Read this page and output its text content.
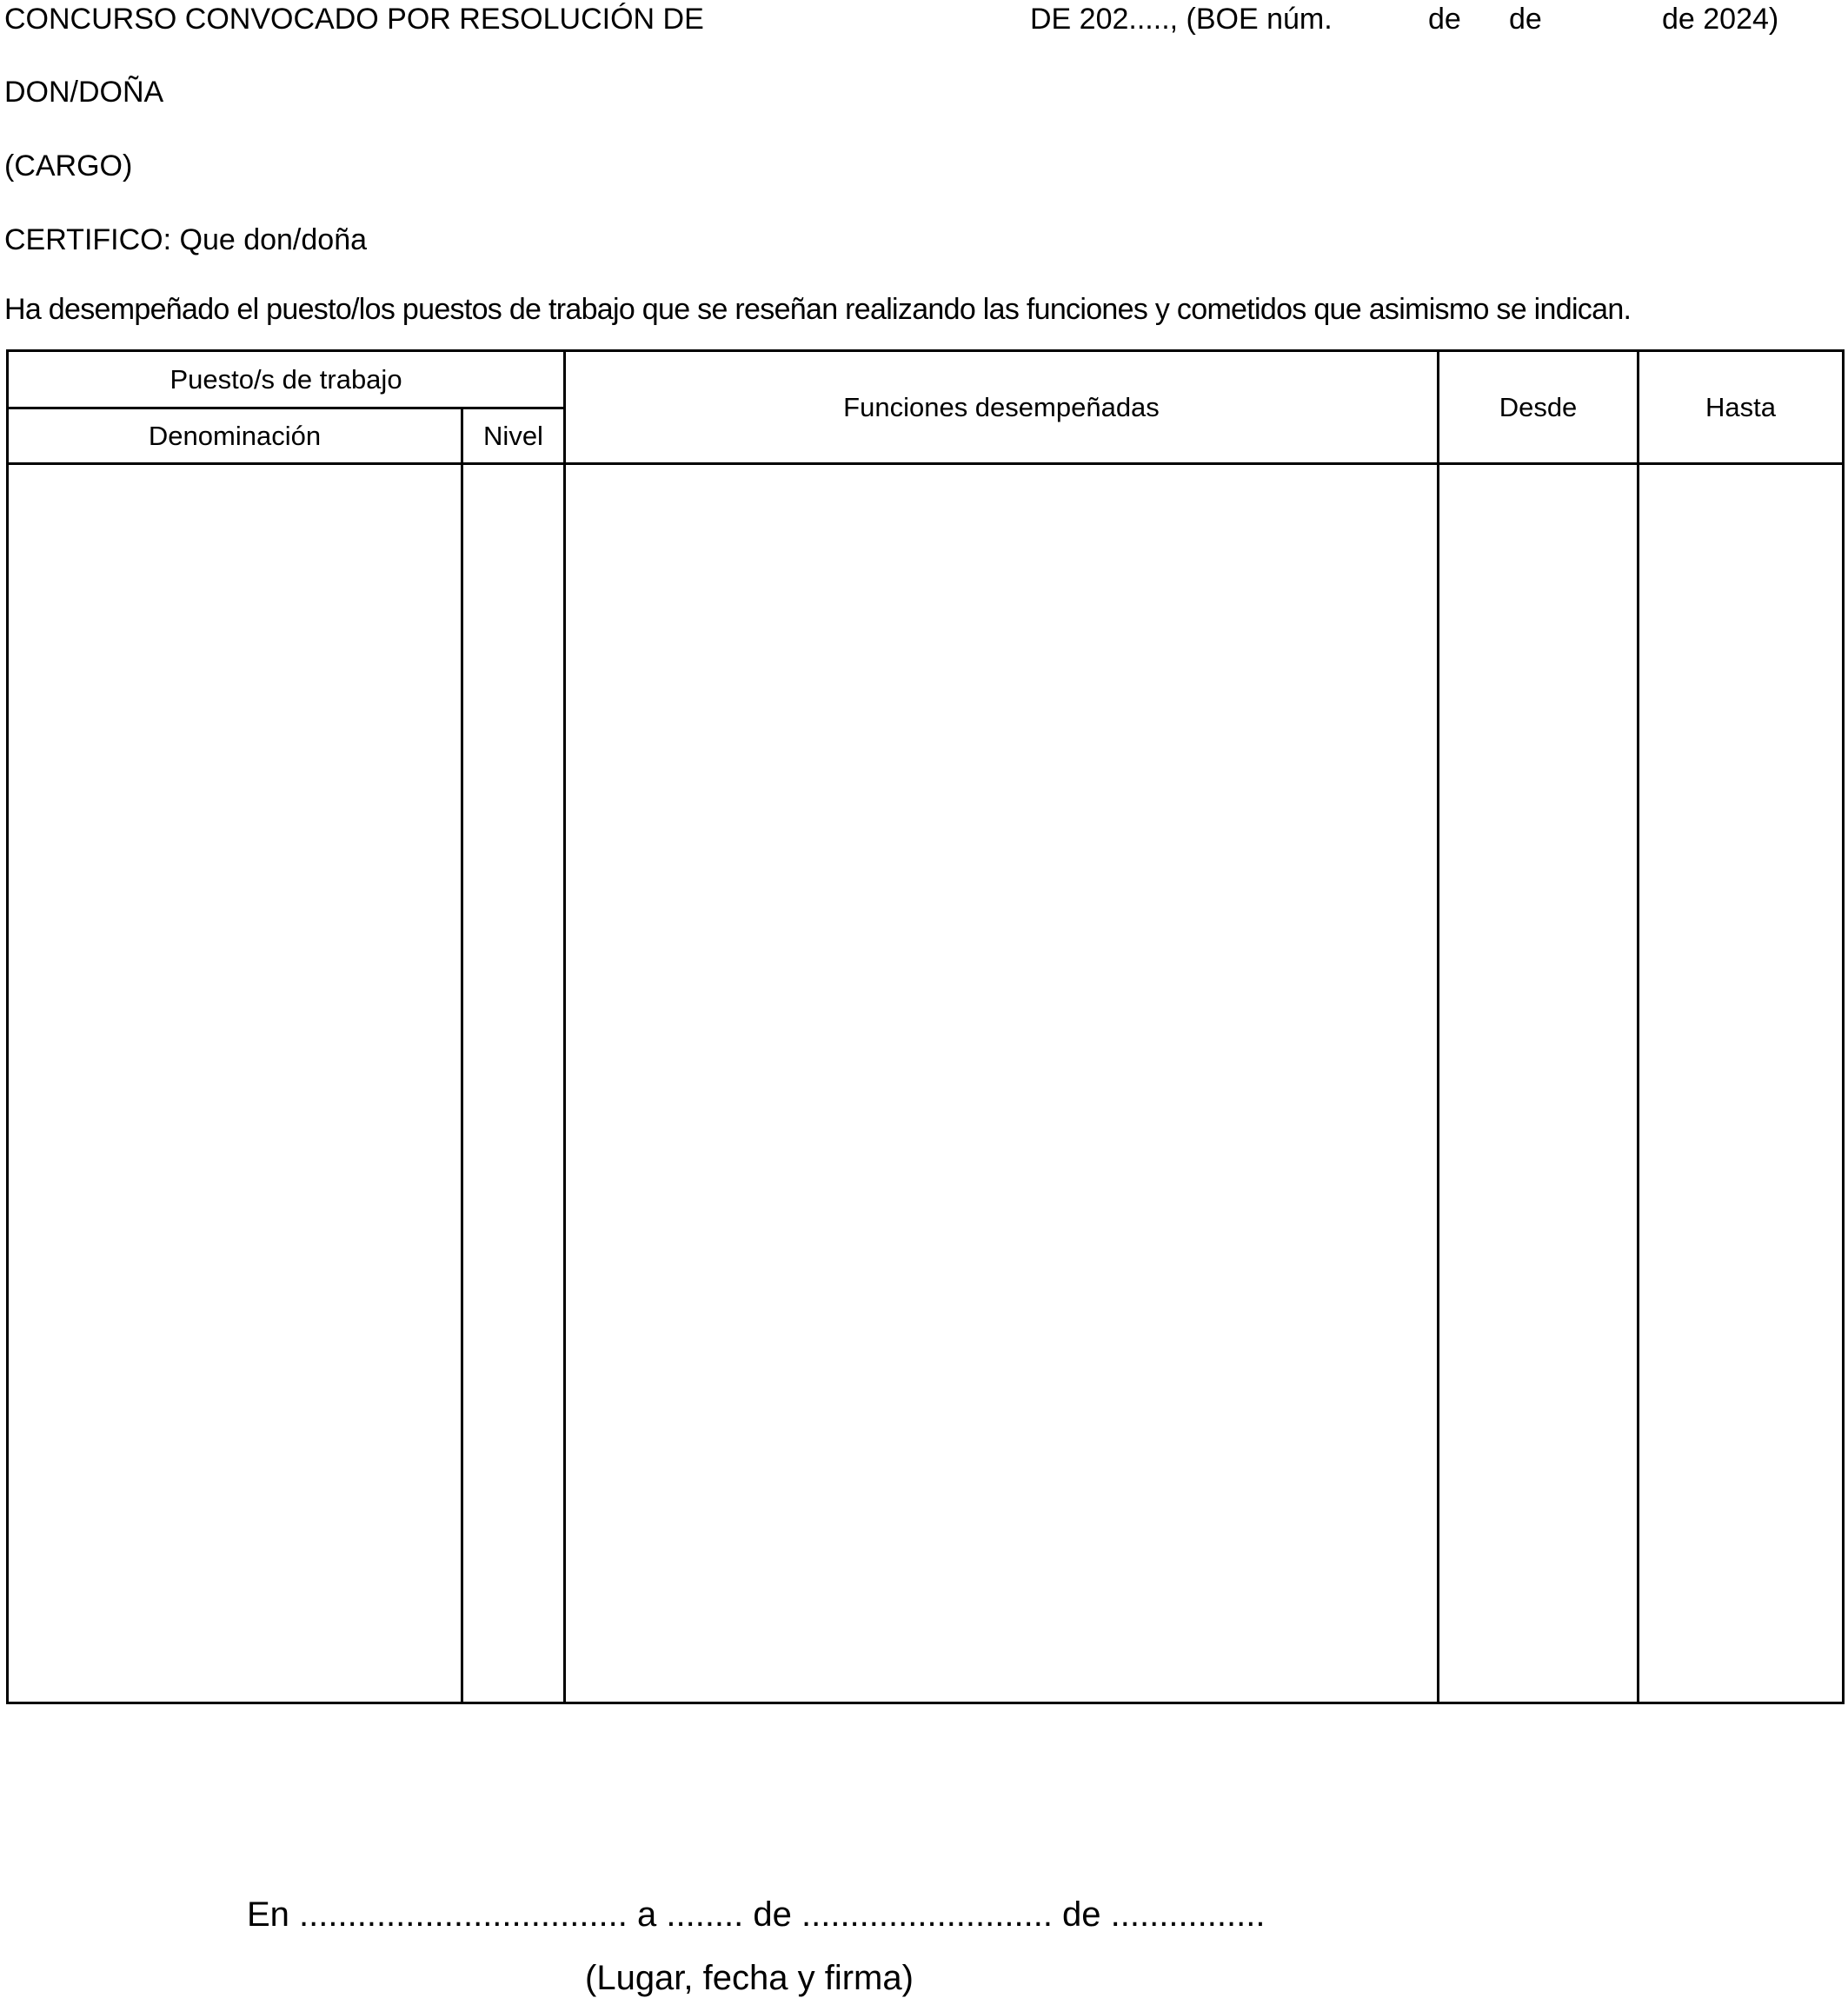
CONCURSO CONVOCADO POR RESOLUCIÓN DE	DE 202....., (BOE núm.	de de	de 2024)
DON/DOÑA
(CARGO)
CERTIFICO: Que don/doña
Ha desempeñado el puesto/los puestos de trabajo que se reseñan realizando las funciones y cometidos que asimismo se indican.
Puesto/s de trabajo		Funciones desempeñadas	Desde	Hasta
Denominación	Nivel			

En .................................. a ........ de .......................... de ................
(Lugar, fecha y firma)
